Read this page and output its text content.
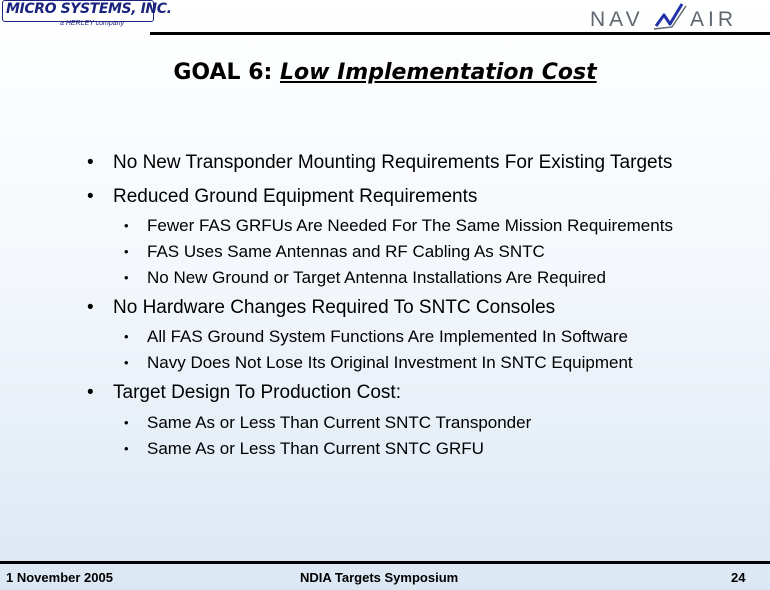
MICRO SYSTEMS, INC.
a HERLEY company	NAV AIR
GOAL 6: Low Implementation Cost
• No New Transponder Mounting Requirements For Existing Targets
• Reduced Ground Equipment Requirements
• Fewer FAS GRFUs Are Needed For The Same Mission Requirements
• FAS Uses Same Antennas and RF Cabling As SNTC
• No New Ground or Target Antenna Installations Are Required
• No Hardware Changes Required To SNTC Consoles
• All FAS Ground System Functions Are Implemented In Software
• Navy Does Not Lose Its Original Investment In SNTC Equipment
• Target Design To Production Cost:
• Same As or Less Than Current SNTC Transponder
• Same As or Less Than Current SNTC GRFU
1 November 2005	NDIA Targets Symposium	24
